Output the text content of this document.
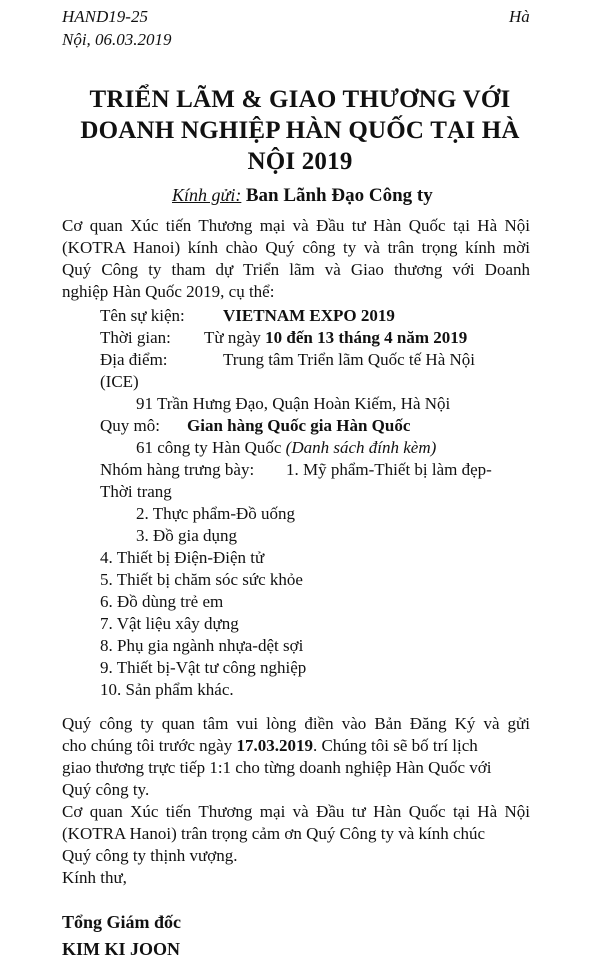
HAND19-25	Hà
Nội, 06.03.2019
TRIỂN LÃM & GIAO THƯƠNG VỚI
DOANH NGHIỆP HÀN QUỐC TẠI HÀ
NỘI 2019
Kính gửi: Ban Lãnh Đạo Công ty
Cơ quan Xúc tiến Thương mại và Đầu tư Hàn Quốc tại Hà Nội
(KOTRA Hanoi) kính chào Quý công ty và trân trọng kính mời
Quý Công ty tham dự Triển lãm và Giao thương với Doanh
nghiệp Hàn Quốc 2019, cụ thể:
Tên sự kiện: VIETNAM EXPO 2019
Thời gian: Từ ngày 10 đến 13 tháng 4 năm 2019
Địa điểm:	Trung tâm Triển lãm Quốc tế Hà Nội
(ICE)
91 Trần Hưng Đạo, Quận Hoàn Kiếm, Hà Nội
Quy mô: Gian hàng Quốc gia Hàn Quốc
61 công ty Hàn Quốc (Danh sách đính kèm)
Nhóm hàng trưng bày: 1. Mỹ phẩm-Thiết bị làm đẹp-
Thời trang
2. Thực phẩm-Đồ uống
3. Đồ gia dụng
4. Thiết bị Điện-Điện tử
5. Thiết bị chăm sóc sức khỏe
6. Đồ dùng trẻ em
7. Vật liệu xây dựng
8. Phụ gia ngành nhựa-dệt sợi
9. Thiết bị-Vật tư công nghiệp
10. Sản phẩm khác.
Quý công ty quan tâm vui lòng điền vào Bản Đăng Ký và gửi
cho chúng tôi trước ngày 17.03.2019. Chúng tôi sẽ bố trí lịch
giao thương trực tiếp 1:1 cho từng doanh nghiệp Hàn Quốc với
Quý công ty.
Cơ quan Xúc tiến Thương mại và Đầu tư Hàn Quốc tại Hà Nội
(KOTRA Hanoi) trân trọng cảm ơn Quý Công ty và kính chúc
Quý công ty thịnh vượng.
Kính thư,
Tổng Giám đốc
KIM KI JOON
